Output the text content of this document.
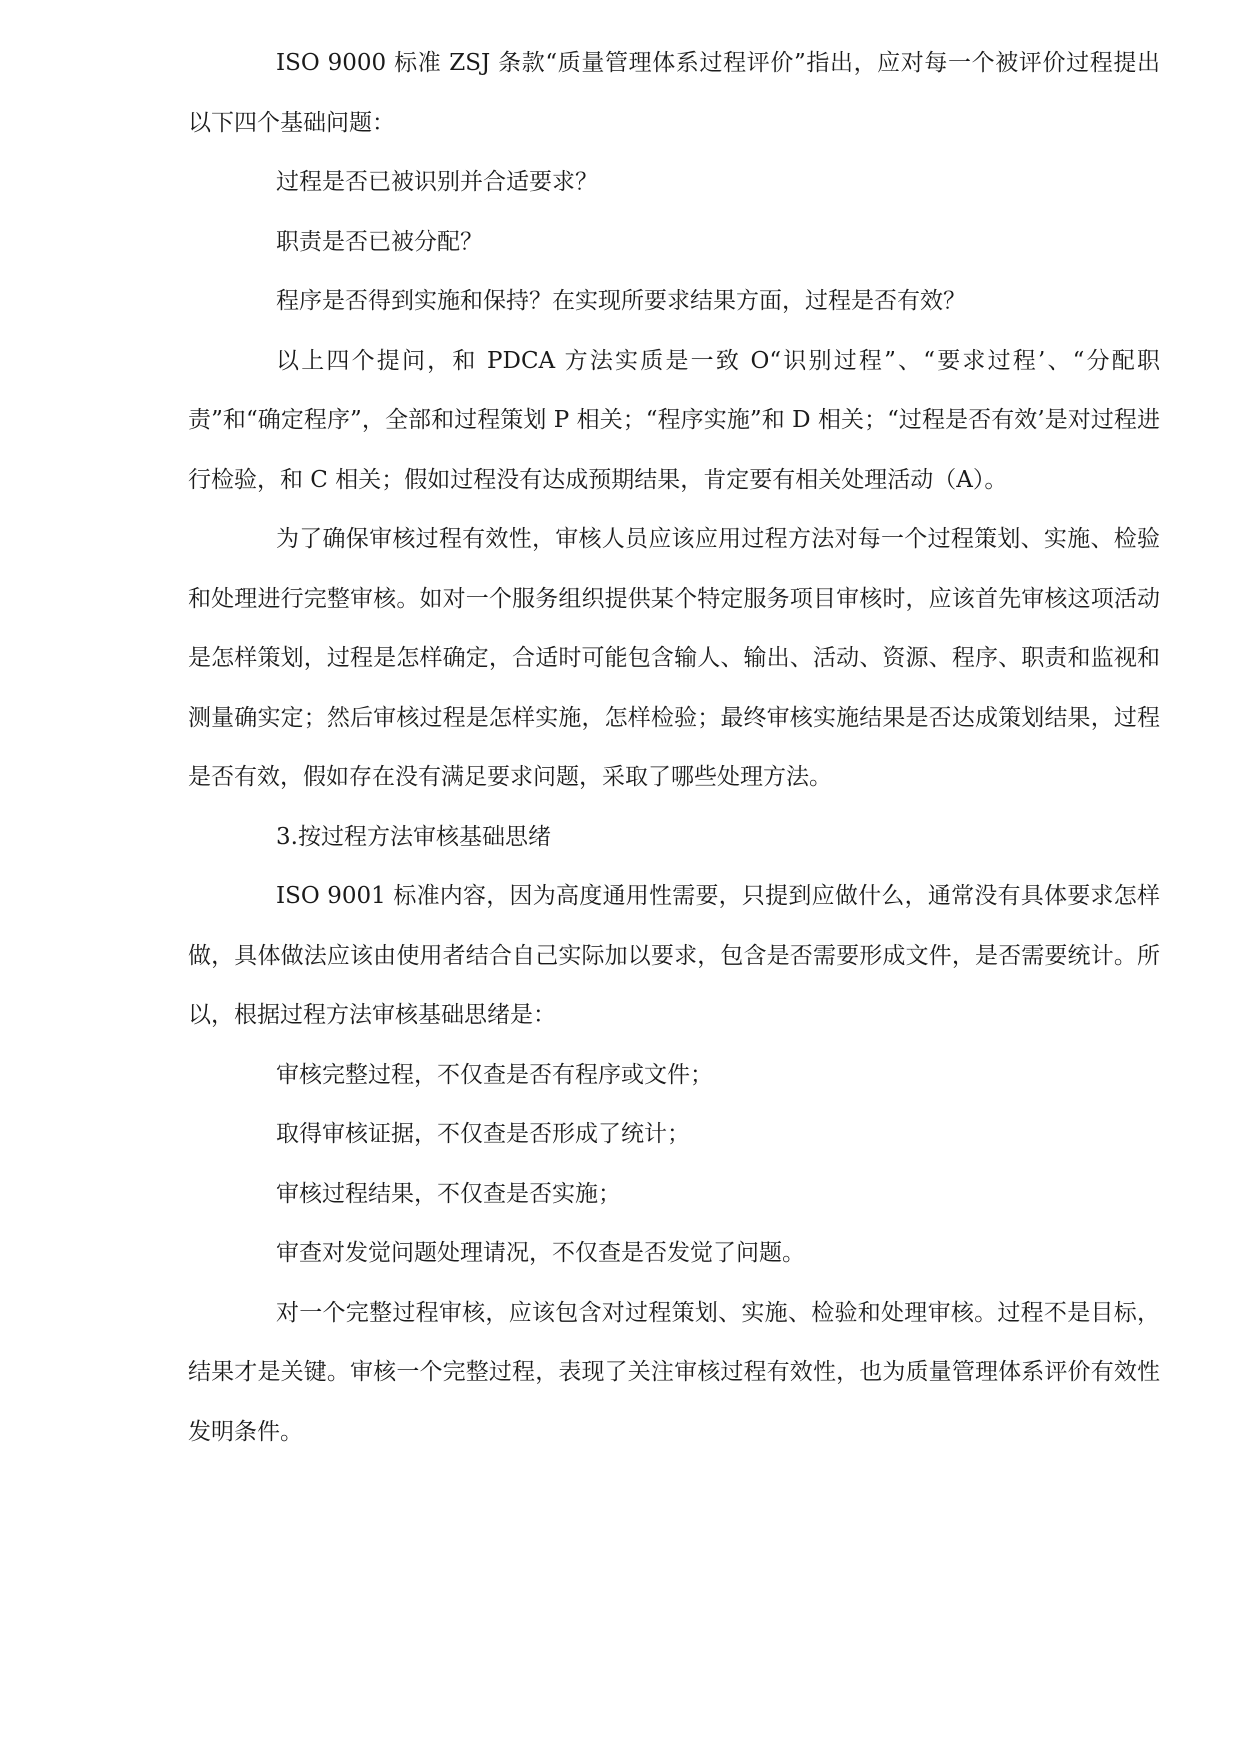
ISO 9000 标准 ZSJ 条款“质量管理体系过程评价”指出，应对每一个被评价过程提出以下四个基础问题：

过程是否已被识别并合适要求？

职责是否已被分配？

程序是否得到实施和保持？在实现所要求结果方面，过程是否有效？

以上四个提问，和 PDCA 方法实质是一致 O“识别过程”、“要求过程’、“分配职责”和“确定程序”，全部和过程策划 P 相关；“程序实施”和 D 相关；“过程是否有效’是对过程进行检验，和 C 相关；假如过程没有达成预期结果，肯定要有相关处理活动（A）。

为了确保审核过程有效性，审核人员应该应用过程方法对每一个过程策划、实施、检验和处理进行完整审核。如对一个服务组织提供某个特定服务项目审核时，应该首先审核这项活动是怎样策划，过程是怎样确定，合适时可能包含输人、输出、活动、资源、程序、职责和监视和测量确实定；然后审核过程是怎样实施，怎样检验；最终审核实施结果是否达成策划结果，过程是否有效，假如存在没有满足要求问题，采取了哪些处理方法。

3.按过程方法审核基础思绪

ISO 9001 标准内容，因为高度通用性需要，只提到应做什么，通常没有具体要求怎样做，具体做法应该由使用者结合自己实际加以要求，包含是否需要形成文件，是否需要统计。所以，根据过程方法审核基础思绪是：

审核完整过程，不仅查是否有程序或文件；

取得审核证据，不仅查是否形成了统计；

审核过程结果，不仅查是否实施；

审查对发觉问题处理请况，不仅查是否发觉了问题。

对一个完整过程审核，应该包含对过程策划、实施、检验和处理审核。过程不是目标，结果才是关键。审核一个完整过程，表现了关注审核过程有效性，也为质量管理体系评价有效性发明条件。
